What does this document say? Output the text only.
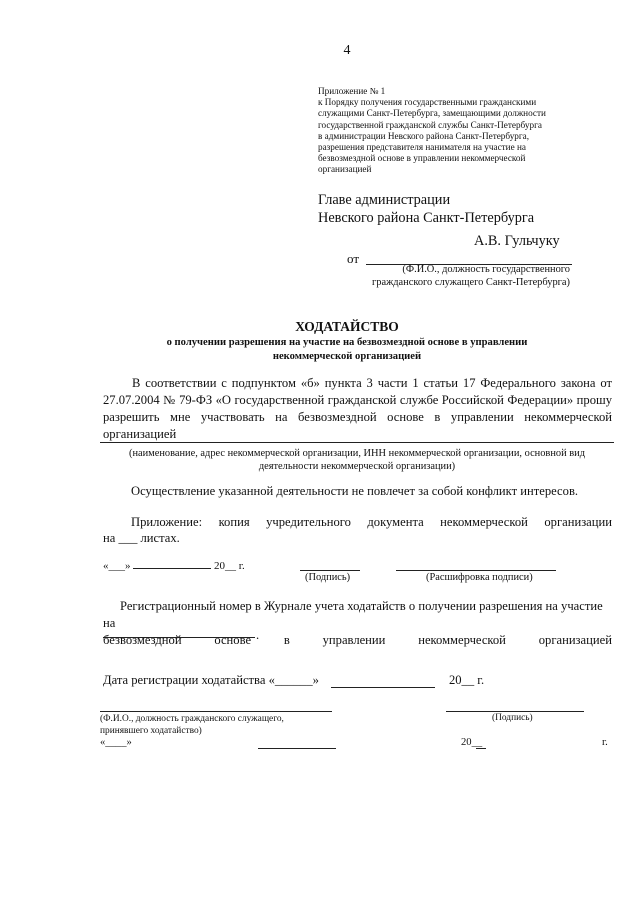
4
Приложение № 1
к Порядку получения государственными гражданскими
служащими Санкт-Петербурга, замещающими должности
государственной гражданской службы Санкт-Петербурга
в администрации Невского района Санкт-Петербурга,
разрешения представителя нанимателя на участие на
безвозмездной основе в управлении некоммерческой
организацией
Главе администрации
Невского района Санкт-Петербурга
А.В. Гульчуку
от
(Ф.И.О., должность государственного
гражданского служащего Санкт-Петербурга)
ХОДАТАЙСТВО
о получении разрешения на участие на безвозмездной основе в управлении
некоммерческой организацией
В соответствии с подпунктом «б» пункта 3 части 1 статьи 17 Федерального закона от 27.07.2004 № 79-ФЗ «О государственной гражданской службе Российской Федерации» прошу разрешить мне участвовать на безвозмездной основе в управлении некоммерческой организацией
(наименование, адрес некоммерческой организации, ИНН некоммерческой организации, основной вид деятельности некоммерческой организации)
Осуществление указанной деятельности не повлечет за собой конфликт интересов.
Приложение: копия учредительного документа некоммерческой организации
на ___ листах.
«___»	20__ г.
(Подпись)	(Расшифровка подписи)
Регистрационный номер в Журнале учета ходатайств о получении разрешения на участие на
безвозмездной	основе	в	управлении	некоммерческой	организацией
.
Дата регистрации ходатайства «______»	20__ г.
(Ф.И.О., должность гражданского служащего,
принявшего ходатайство)
(Подпись)
«____»	20__	г.
